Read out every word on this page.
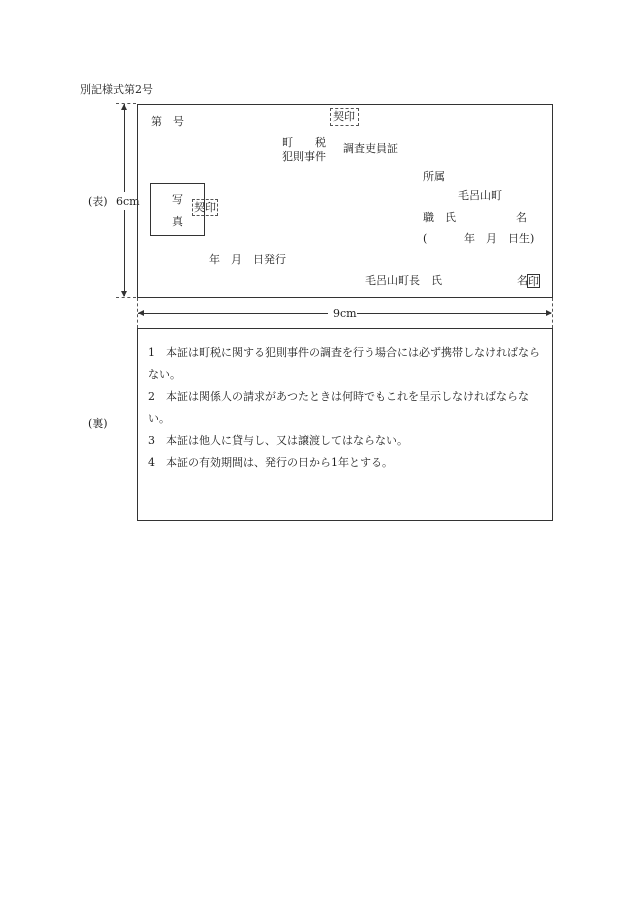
別記様式第2号
(表) 6cm
第　号	契印
町　　税
犯則事件
調査吏員証
写
真
契印
所属
毛呂山町
職　氏	名
(	年　月　日生)
年　月　日発行
毛呂山町長　氏	名 印
9cm
(裏)

1　本証は町税に関する犯則事件の調査を行う場合には必ず携帯しなければならない。

2　本証は関係人の請求があつたときは何時でもこれを呈示しなければならない。

3　本証は他人に貸与し、又は譲渡してはならない。

4　本証の有効期間は、発行の日から1年とする。
